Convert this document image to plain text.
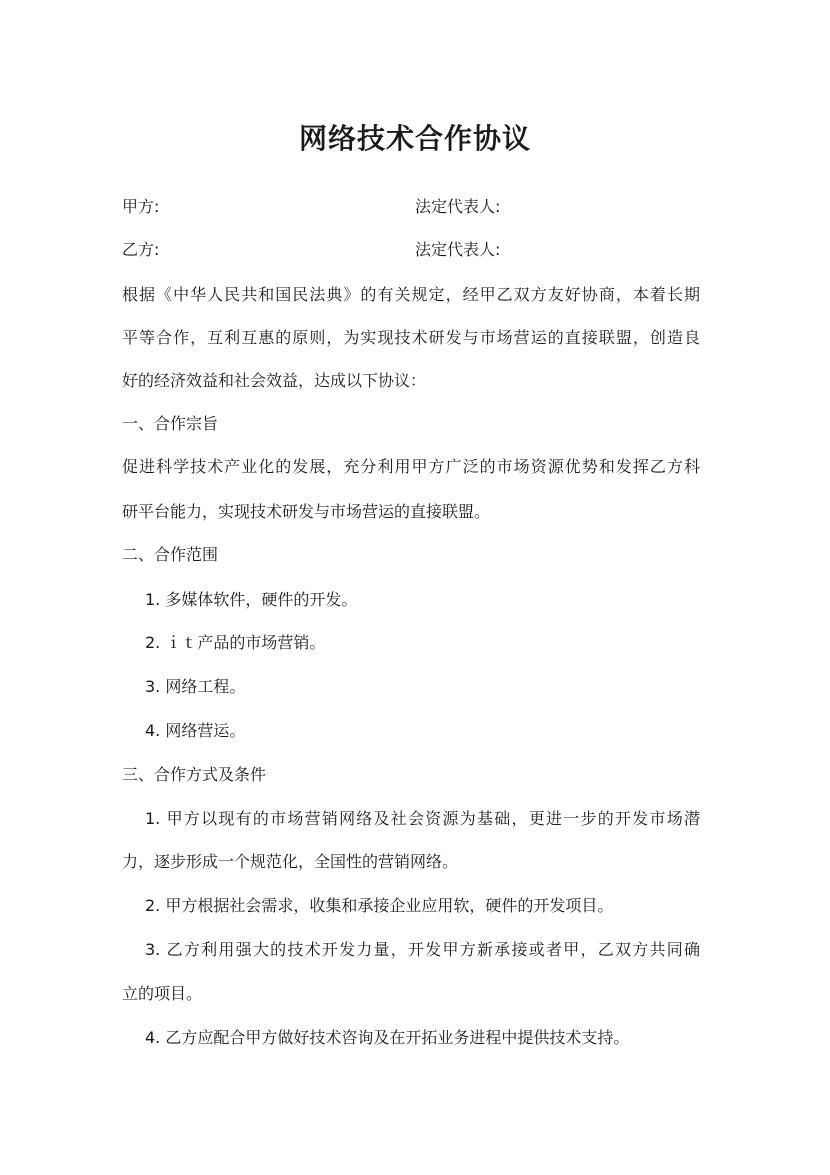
网络技术合作协议
甲方:	法定代表人:
乙方:	法定代表人:
根据《中华人民共和国民法典》的有关规定，经甲乙双方友好协商，本着长期
平等合作，互利互惠的原则，为实现技术研发与市场营运的直接联盟，创造良
好的经济效益和社会效益，达成以下协议：
一、合作宗旨
促进科学技术产业化的发展，充分利用甲方广泛的市场资源优势和发挥乙方科
研平台能力，实现技术研发与市场营运的直接联盟。
二、合作范围
1. 多媒体软件，硬件的开发。
2. ｉｔ产品的市场营销。
3. 网络工程。
4. 网络营运。
三、合作方式及条件
1. 甲方以现有的市场营销网络及社会资源为基础，更进一步的开发市场潜
力，逐步形成一个规范化，全国性的营销网络。
2. 甲方根据社会需求，收集和承接企业应用软，硬件的开发项目。
3. 乙方利用强大的技术开发力量，开发甲方新承接或者甲，乙双方共同确
立的项目。
4. 乙方应配合甲方做好技术咨询及在开拓业务进程中提供技术支持。
